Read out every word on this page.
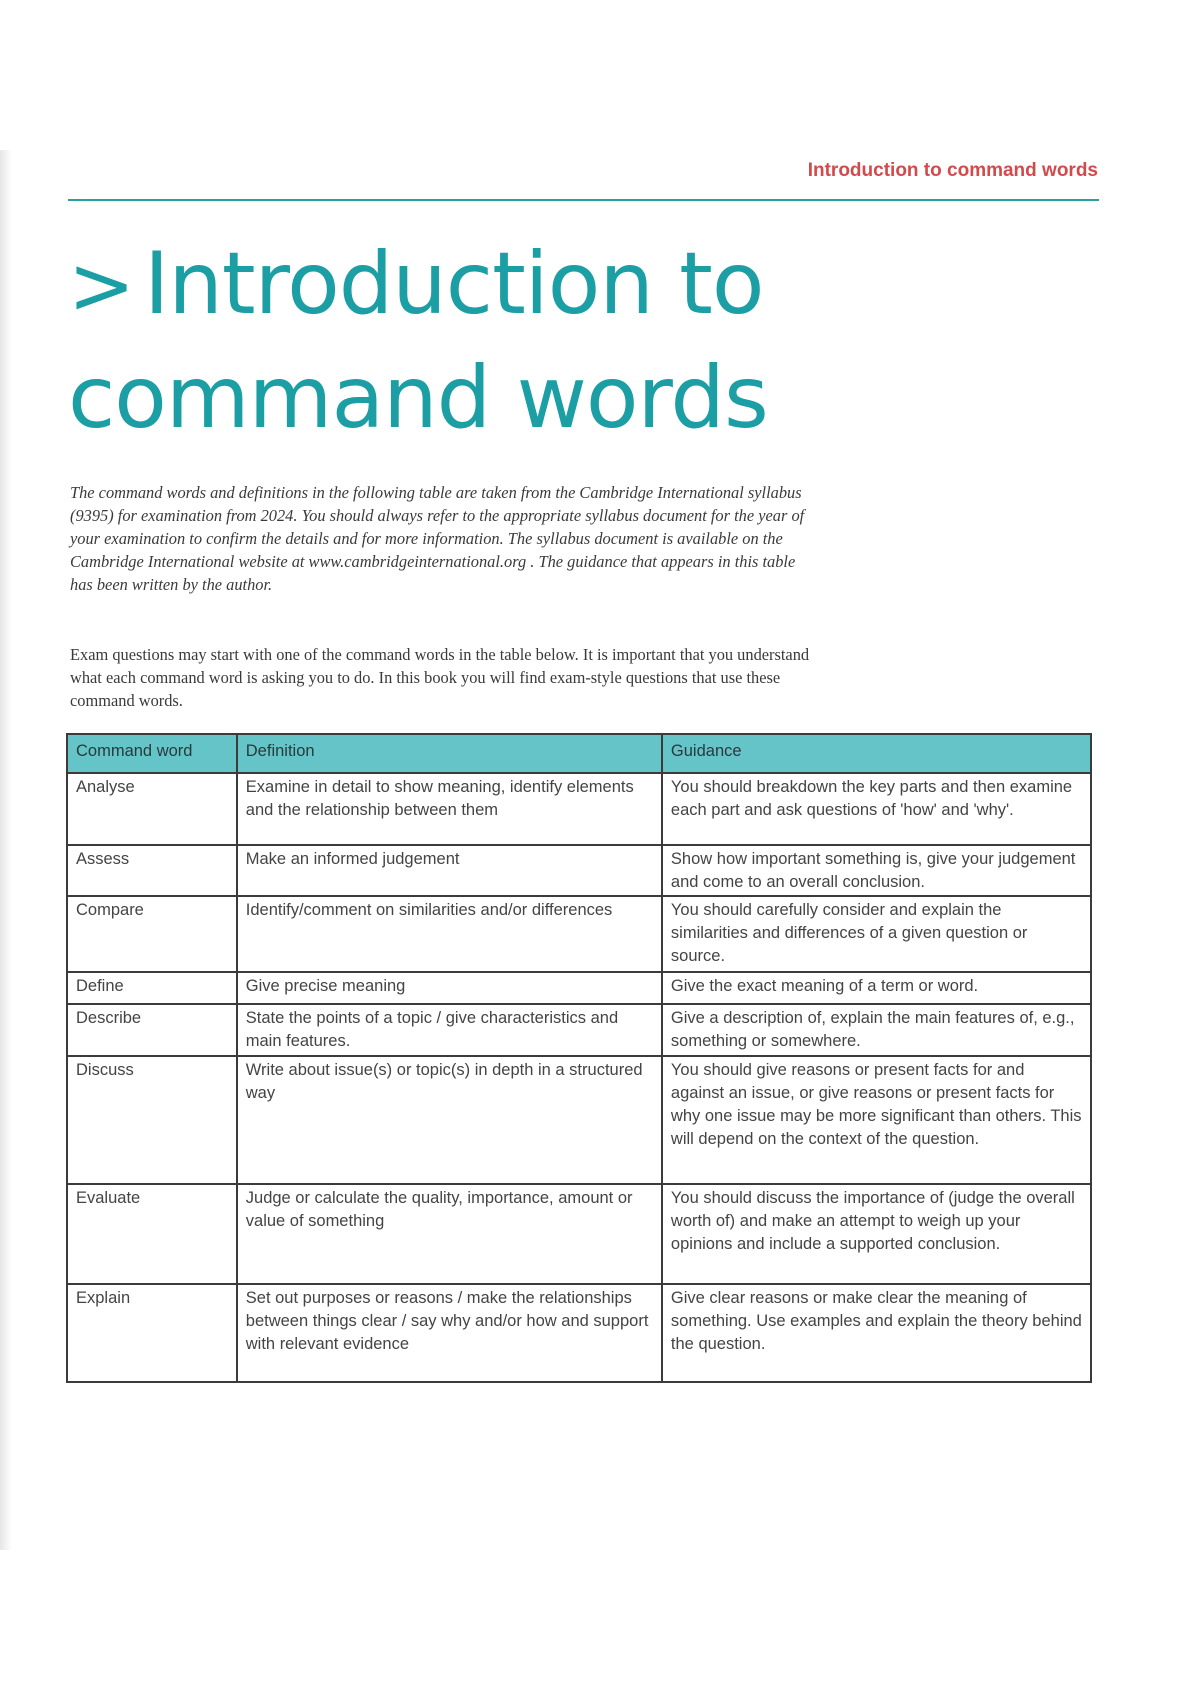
Introduction to command words
> Introduction to
command words

The command words and definitions in the following table are taken from the Cambridge International syllabus (9395) for examination from 2024. You should always refer to the appropriate syllabus document for the year of your examination to confirm the details and for more information. The syllabus document is available on the Cambridge International website at www.cambridgeinternational.org . The guidance that appears in this table has been written by the author.

Exam questions may start with one of the command words in the table below. It is important that you understand what each command word is asking you to do. In this book you will find exam-style questions that use these command words.

Command word	Definition	Guidance
Analyse	Examine in detail to show meaning, identify elements and the relationship between them	You should breakdown the key parts and then examine each part and ask questions of 'how' and 'why'.
Assess	Make an informed judgement	Show how important something is, give your judgement and come to an overall conclusion.
Compare	Identify/comment on similarities and/or differences	You should carefully consider and explain the similarities and differences of a given question or source.
Define	Give precise meaning	Give the exact meaning of a term or word.
Describe	State the points of a topic / give characteristics and main features.	Give a description of, explain the main features of, e.g., something or somewhere.
Discuss	Write about issue(s) or topic(s) in depth in a structured way	You should give reasons or present facts for and against an issue, or give reasons or present facts for why one issue may be more significant than others. This will depend on the context of the question.
Evaluate	Judge or calculate the quality, importance, amount or value of something	You should discuss the importance of (judge the overall worth of) and make an attempt to weigh up your opinions and include a supported conclusion.
Explain	Set out purposes or reasons / make the relationships between things clear / say why and/or how and support with relevant evidence	Give clear reasons or make clear the meaning of something. Use examples and explain the theory behind the question.
